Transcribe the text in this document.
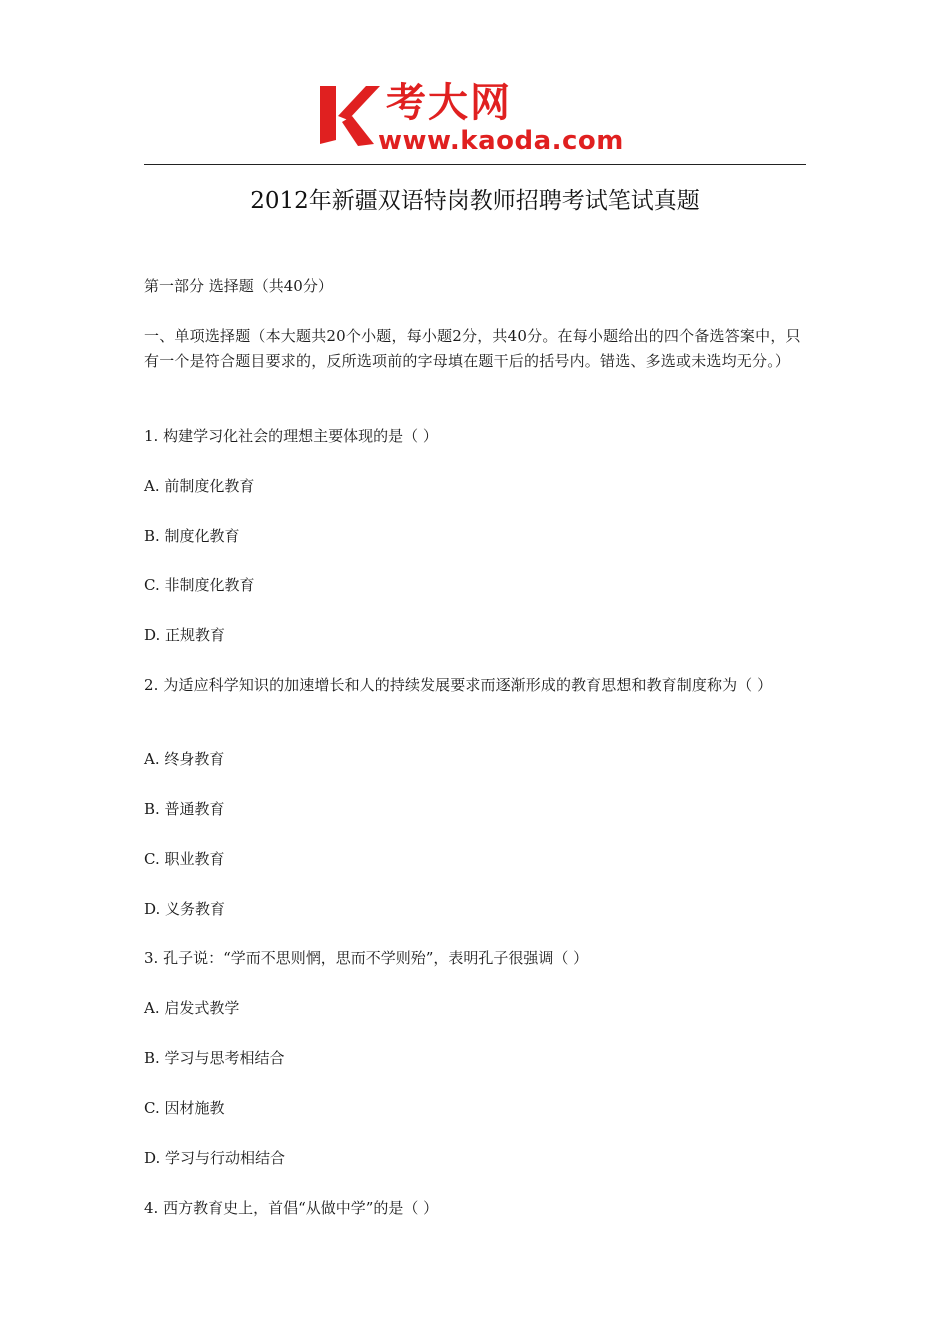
考大网
www.kaoda.com
2012年新疆双语特岗教师招聘考试笔试真题
第一部分 选择题（共40分）
一、单项选择题（本大题共20个小题，每小题2分，共40分。在每小题给出的四个备选答案中，只有一个是符合题目要求的，反所选项前的字母填在题干后的括号内。错选、多选或未选均无分。）
1. 构建学习化社会的理想主要体现的是（ ）
A. 前制度化教育
B. 制度化教育
C. 非制度化教育
D. 正规教育
2. 为适应科学知识的加速增长和人的持续发展要求而逐渐形成的教育思想和教育制度称为（ ）
A. 终身教育
B. 普通教育
C. 职业教育
D. 义务教育
3. 孔子说：“学而不思则惘，思而不学则殆”，表明孔子很强调（ ）
A. 启发式教学
B. 学习与思考相结合
C. 因材施教
D. 学习与行动相结合
4. 西方教育史上，首倡“从做中学”的是（ ）
